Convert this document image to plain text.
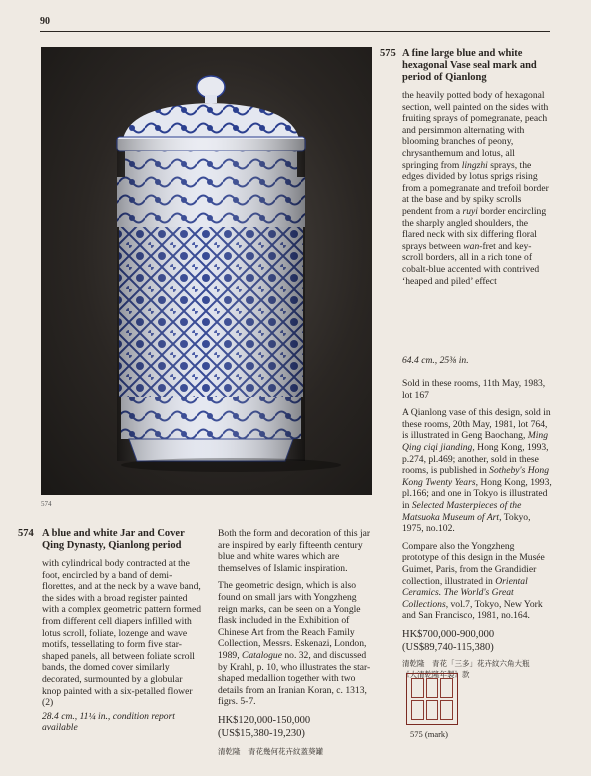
90
574
575 A fine large blue and white hexagonal Vase seal mark and period of Qianlong

the heavily potted body of hexagonal section, well painted on the sides with fruiting sprays of pomegranate, peach and persimmon alternating with blooming branches of peony, chrysanthemum and lotus, all springing from lingzhi sprays, the edges divided by lotus sprigs rising from a pomegranate and trefoil border at the base and by spiky scrolls pendent from a ruyi border encircling the sharply angled shoulders, the flared neck with six differing floral sprays between wan-fret and key-scroll borders, all in a rich tone of cobalt-blue accented with contrived ‘heaped and piled’ effect

64.4 cm., 25⅜ in.

Sold in these rooms, 11th May, 1983, lot 167

A Qianlong vase of this design, sold in these rooms, 20th May, 1981, lot 764, is illustrated in Geng Baochang, Ming Qing ciqi jianding, Hong Kong, 1993, p.274, pl.469; another, sold in these rooms, is published in Sotheby's Hong Kong Twenty Years, Hong Kong, 1993, pl.166; and one in Tokyo is illustrated in Selected Masterpieces of the Matsuoka Museum of Art, Tokyo, 1975, no.102.

Compare also the Yongzheng prototype of this design in the Musée Guimet, Paris, from the Grandidier collection, illustrated in Oriental Ceramics. The World's Great Collections, vol.7, Tokyo, New York and San Francisco, 1981, no.164.

HK$700,000-900,000
(US$89,740-115,380)
清乾隆　青花「三多」花卉紋六角大瓶
《大清乾隆年製》款
575 (mark)
574 A blue and white Jar and Cover
Qing Dynasty, Qianlong period

with cylindrical body contracted at the foot, encircled by a band of demi-florettes, and at the neck by a wave band, the sides with a broad register painted with a complex geometric pattern formed from different cell diapers infilled with lotus scroll, foliate, lozenge and wave motifs, tessellating to form five star-shaped panels, all between foliate scroll bands, the domed cover similarly decorated, surmounted by a globular knop painted with a six-petalled flower (2)

28.4 cm., 11¼ in., condition report available

Both the form and decoration of this jar are inspired by early fifteenth century blue and white wares which are themselves of Islamic inspiration.

The geometric design, which is also found on small jars with Yongzheng reign marks, can be seen on a Yongle flask included in the Exhibition of Chinese Art from the Reach Family Collection, Messrs. Eskenazi, London, 1989, Catalogue no. 32, and discussed by Krahl, p. 10, who illustrates the star-shaped medallion together with two details from an Iranian Koran, c. 1313, figrs. 5-7.

HK$120,000-150,000
(US$15,380-19,230)
清乾隆　青花幾何花卉紋蓋葵罐
